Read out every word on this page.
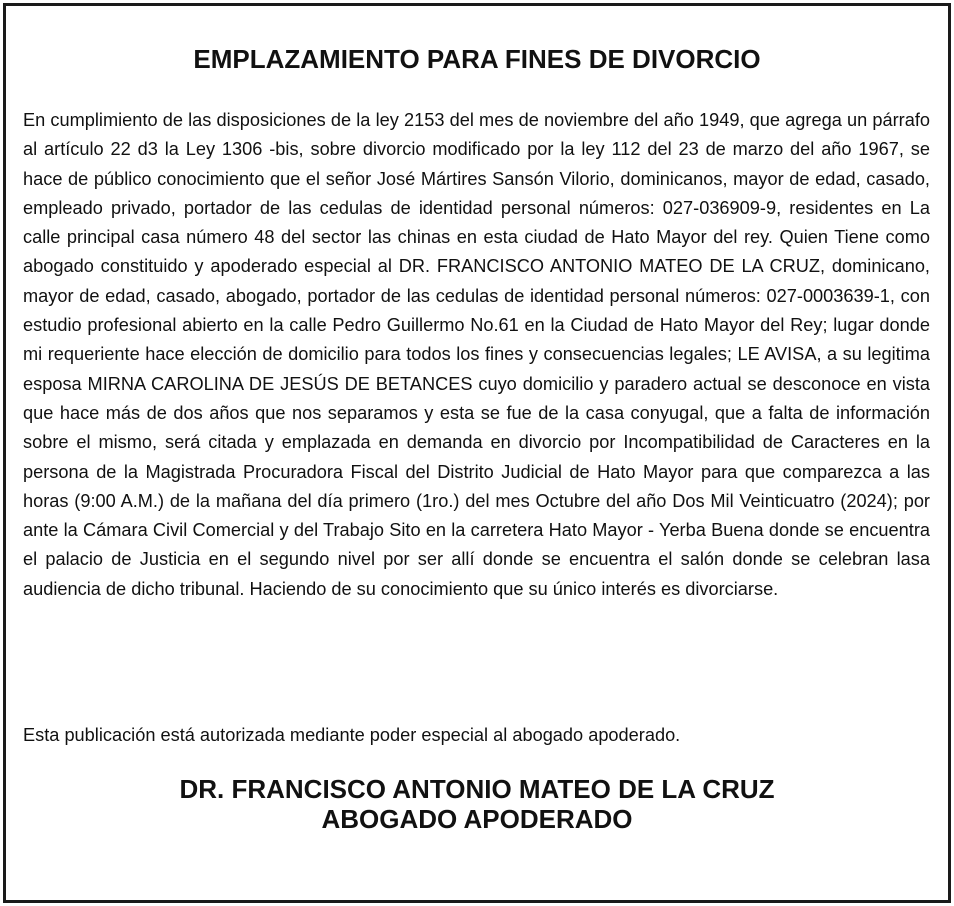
EMPLAZAMIENTO PARA FINES DE DIVORCIO

En cumplimiento de las disposiciones de la ley 2153 del mes de noviembre del año 1949, que agrega un párrafo al artículo 22 d3 la Ley 1306 -bis, sobre divorcio modificado por la ley 112 del 23 de marzo del año 1967, se hace de público conocimiento que el señor José Mártires Sansón Vilorio, dominicanos, mayor de edad, casado, empleado privado, portador de las cedulas de identidad personal números: 027-036909-9, residentes en La calle principal casa número 48 del sector las chinas en esta ciudad de Hato Mayor del rey. Quien Tiene como abogado constituido y apoderado especial al DR. FRANCISCO ANTONIO MATEO DE LA CRUZ, dominicano, mayor de edad, casado, abogado, portador de las cedulas de identidad personal números: 027-0003639-1, con estudio profesional abierto en la calle Pedro Guillermo No.61 en la Ciudad de Hato Mayor del Rey; lugar donde mi requeriente hace elección de domicilio para todos los fines y consecuencias legales; LE AVISA, a su legitima esposa MIRNA CAROLINA DE JESÚS DE BETANCES cuyo domicilio y paradero actual se desconoce en vista que hace más de dos años que nos separamos y esta se fue de la casa conyugal, que a falta de información sobre el mismo, será citada y emplazada en demanda en divorcio por Incompatibilidad de Caracteres en la persona de la Magistrada Procuradora Fiscal del Distrito Judicial de Hato Mayor para que comparezca a las horas (9:00 A.M.) de la mañana del día primero (1ro.) del mes Octubre del año Dos Mil Veinticuatro (2024); por ante la Cámara Civil Comercial y del Trabajo Sito en la carretera Hato Mayor - Yerba Buena donde se encuentra el palacio de Justicia en el segundo nivel por ser allí donde se encuentra el salón donde se celebran lasa audiencia de dicho tribunal. Haciendo de su conocimiento que su único interés es divorciarse.

Esta publicación está autorizada mediante poder especial al abogado apoderado.

DR. FRANCISCO ANTONIO MATEO DE LA CRUZ
ABOGADO APODERADO
